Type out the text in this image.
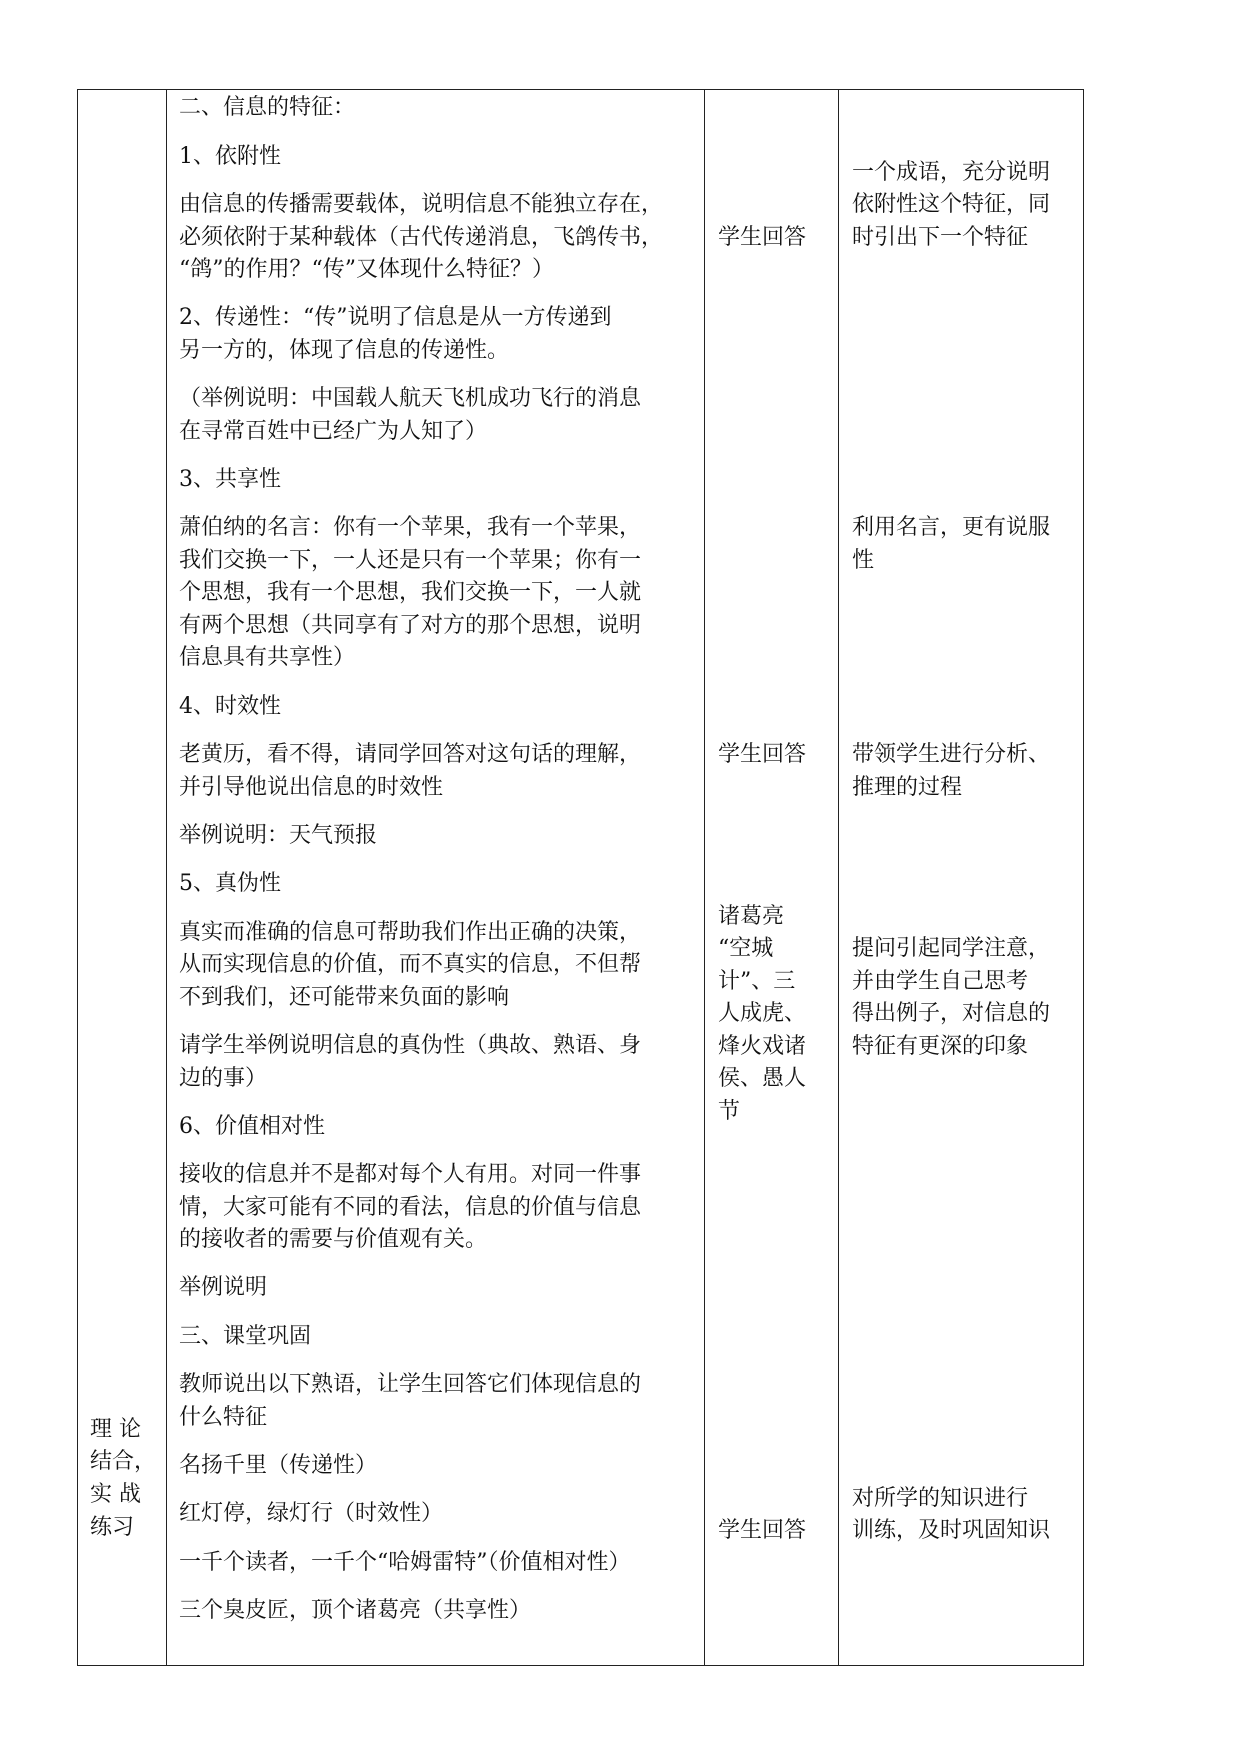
理 论

结合，

实 战

练习

二、信息的特征：

1、依附性

由信息的传播需要载体，说明信息不能独立存在，

必须依附于某种载体（古代传递消息，飞鸽传书，

“鸽”的作用？“传”又体现什么特征？）

2、传递性：“传”说明了信息是从一方传递到

另一方的，体现了信息的传递性。

（举例说明：中国载人航天飞机成功飞行的消息

在寻常百姓中已经广为人知了）

3、共享性

萧伯纳的名言：你有一个苹果，我有一个苹果，

我们交换一下，一人还是只有一个苹果；你有一

个思想，我有一个思想，我们交换一下，一人就

有两个思想（共同享有了对方的那个思想，说明

信息具有共享性）

4、时效性

老黄历，看不得，请同学回答对这句话的理解，

并引导他说出信息的时效性

举例说明：天气预报

5、真伪性

真实而准确的信息可帮助我们作出正确的决策，

从而实现信息的价值，而不真实的信息，不但帮

不到我们，还可能带来负面的影响

请学生举例说明信息的真伪性（典故、熟语、身

边的事）

6、价值相对性

接收的信息并不是都对每个人有用。对同一件事

情，大家可能有不同的看法，信息的价值与信息

的接收者的需要与价值观有关。

举例说明

三、课堂巩固

教师说出以下熟语，让学生回答它们体现信息的

什么特征

名扬千里（传递性）

红灯停，绿灯行（时效性）

一千个读者，一千个“哈姆雷特”（价值相对性）

三个臭皮匠，顶个诸葛亮（共享性）

学生回答

学生回答

诸葛亮

“空城

计”、三

人成虎、

烽火戏诸

侯、愚人

节

学生回答

一个成语，充分说明

依附性这个特征，同

时引出下一个特征

利用名言，更有说服

性

带领学生进行分析、

推理的过程

提问引起同学注意，

并由学生自己思考

得出例子，对信息的

特征有更深的印象

对所学的知识进行

训练，及时巩固知识
